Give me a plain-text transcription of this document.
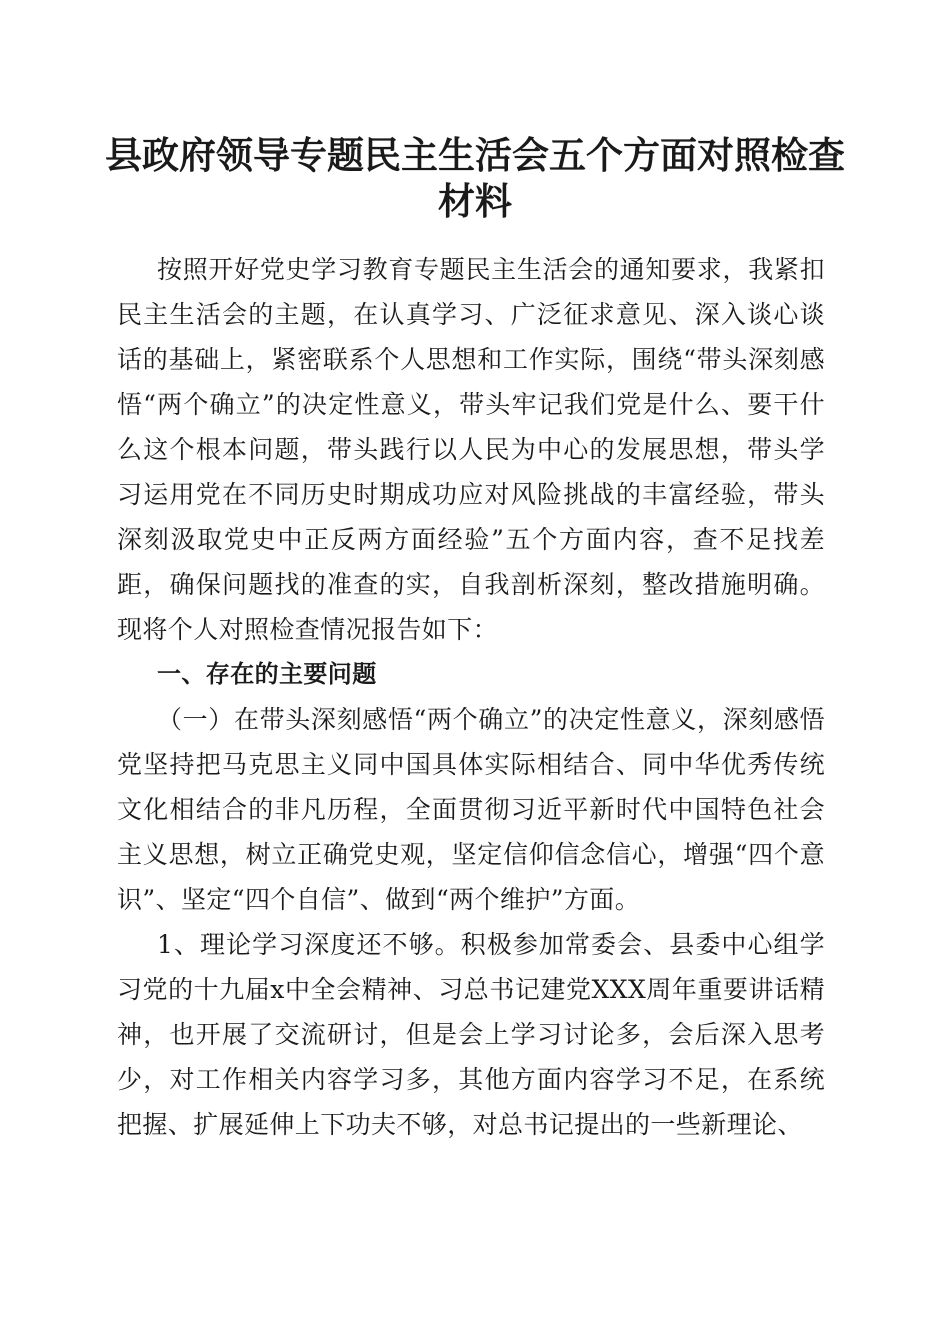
县政府领导专题民主生活会五个方面对照检查
材料

按照开好党史学习教育专题民主生活会的通知要求，我紧扣民主生活会的主题，在认真学习、广泛征求意见、深入谈心谈话的基础上，紧密联系个人思想和工作实际，围绕“带头深刻感悟“两个确立”的决定性意义，带头牢记我们党是什么、要干什么这个根本问题，带头践行以人民为中心的发展思想，带头学习运用党在不同历史时期成功应对风险挑战的丰富经验，带头深刻汲取党史中正反两方面经验”五个方面内容，查不足找差距，确保问题找的准查的实，自我剖析深刻，整改措施明确。现将个人对照检查情况报告如下：

一、存在的主要问题

（一）在带头深刻感悟“两个确立”的决定性意义，深刻感悟党坚持把马克思主义同中国具体实际相结合、同中华优秀传统文化相结合的非凡历程，全面贯彻习近平新时代中国特色社会主义思想，树立正确党史观，坚定信仰信念信心，增强“四个意识”、坚定“四个自信”、做到“两个维护”方面。

1、理论学习深度还不够。积极参加常委会、县委中心组学习党的十九届x中全会精神、习总书记建党XXX周年重要讲话精神，也开展了交流研讨，但是会上学习讨论多，会后深入思考少，对工作相关内容学习多，其他方面内容学习不足，在系统把握、扩展延伸上下功夫不够，对总书记提出的一些新理论、
